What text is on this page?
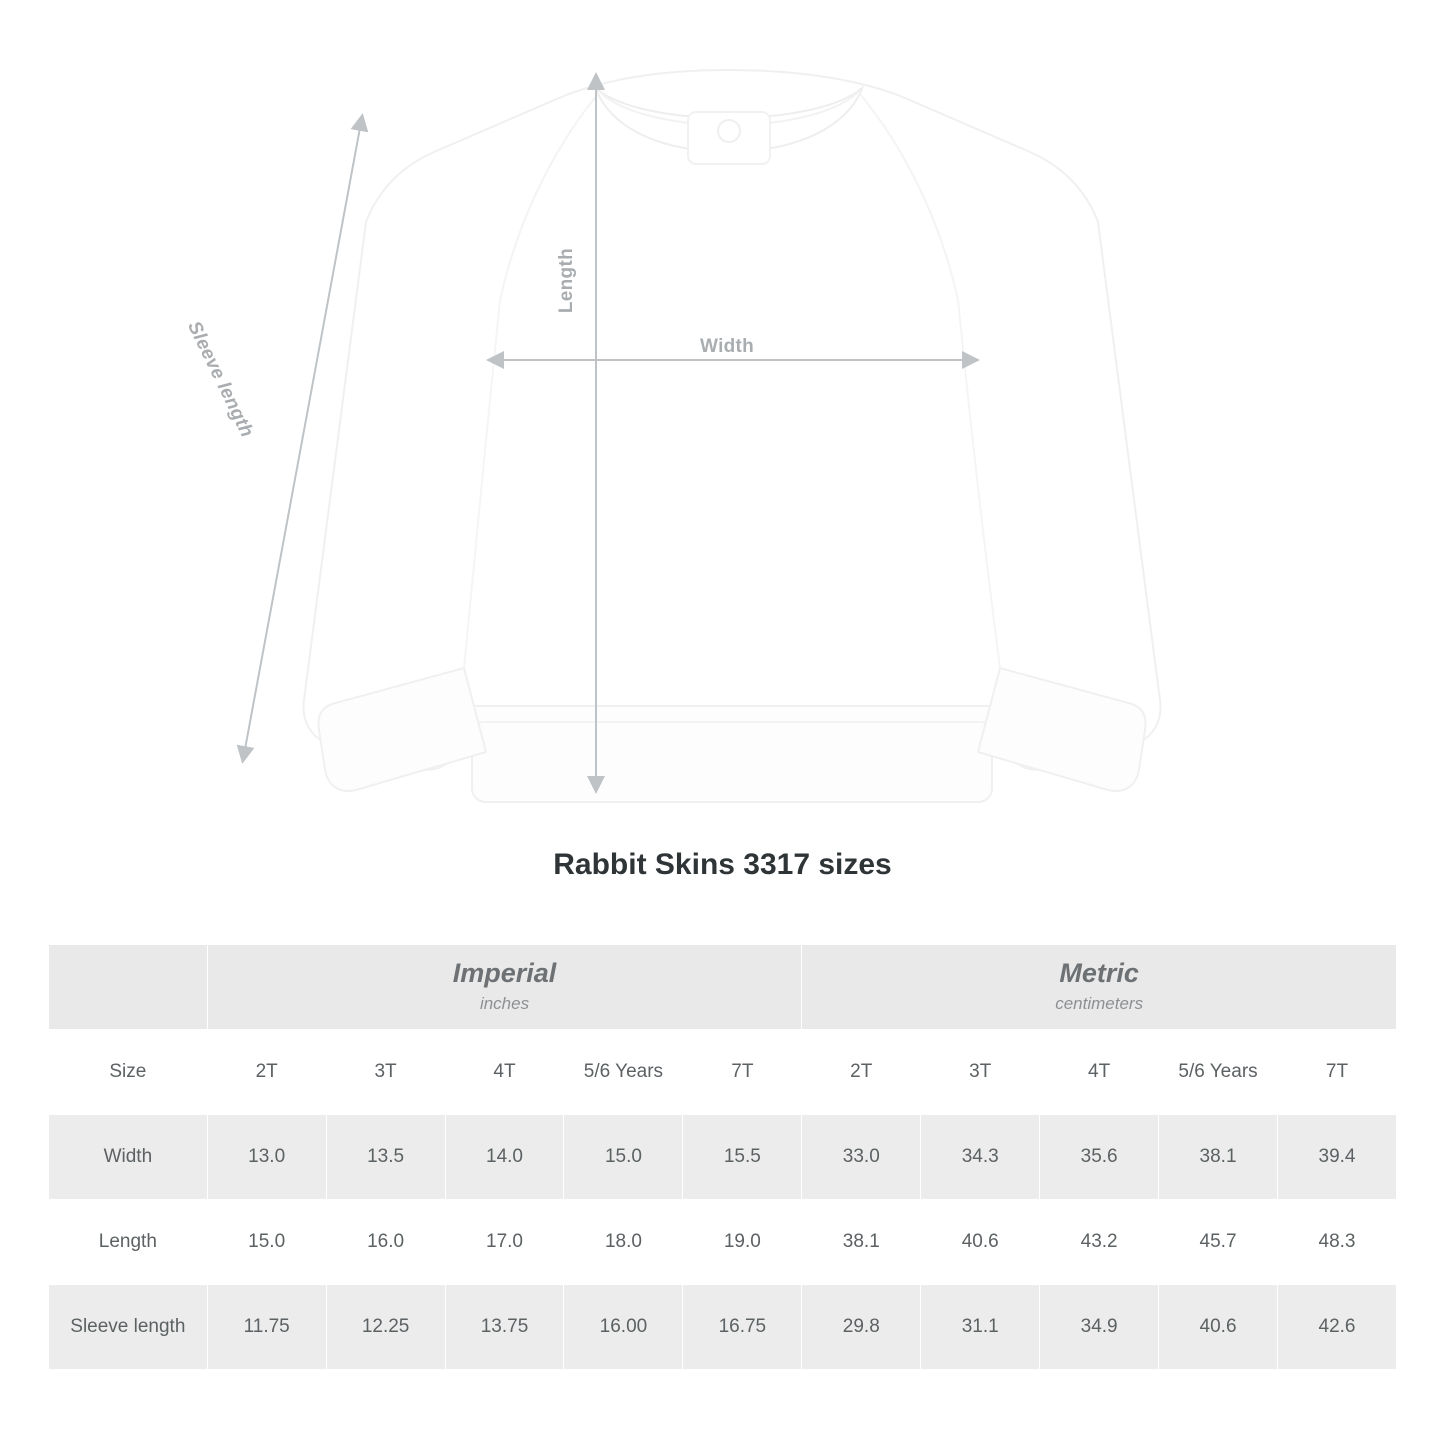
Width
Length
Sleeve length
Rabbit Skins 3317 sizes

Imperial
inches

Metric
centimeters

Size	2T	3T	4T	5/6 Years	7T	2T	3T	4T	5/6 Years	7T
Width	13.0	13.5	14.0	15.0	15.5	33.0	34.3	35.6	38.1	39.4
Length	15.0	16.0	17.0	18.0	19.0	38.1	40.6	43.2	45.7	48.3
Sleeve length	11.75	12.25	13.75	16.00	16.75	29.8	31.1	34.9	40.6	42.6
